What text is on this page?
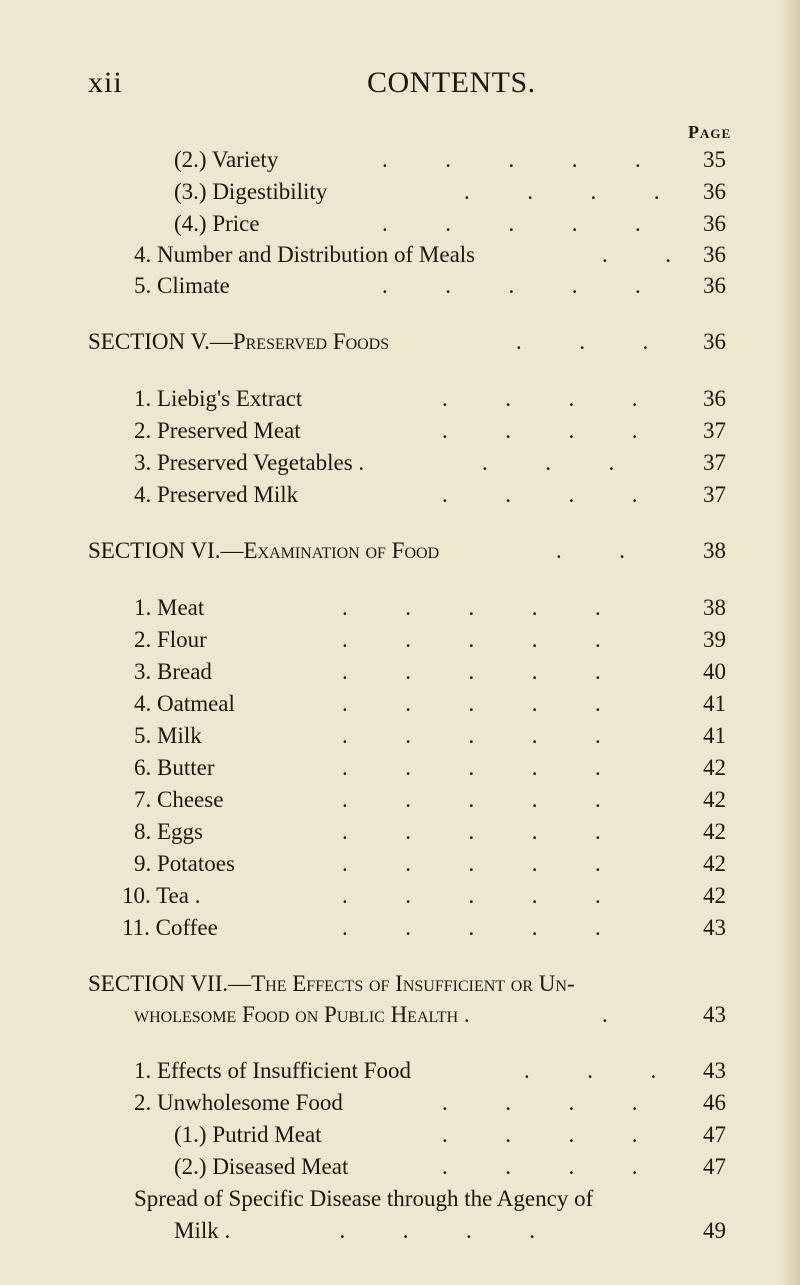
xii	CONTENTS.
Page
(2.) Variety	.          .          .          .          .	35
(3.) Digestibility	.          .          .          .	36
(4.) Price	.          .          .          .          .	36
4. Number and Distribution of Meals	.          .	36
5. Climate	.          .          .          .          .	36
SECTION V.—Preserved Foods	.          .          .	36
1. Liebig's Extract	.          .          .          .	36
2. Preserved Meat	.          .          .          .	37
3. Preserved Vegetables .	.          .          .	37
4. Preserved Milk	.          .          .          .	37
SECTION VI.—Examination of Food	.          .	38
1. Meat	.          .          .          .          .	38
2. Flour	.          .          .          .          .	39
3. Bread	.          .          .          .          .	40
4. Oatmeal	.          .          .          .          .	41
5. Milk	.          .          .          .          .	41
6. Butter	.          .          .          .          .	42
7. Cheese	.          .          .          .          .	42
8. Eggs	.          .          .          .          .	42
9. Potatoes	.          .          .          .          .	42
10. Tea .	.          .          .          .          .	42
11. Coffee	.          .          .          .          .	43
SECTION VII.—The Effects of Insufficient or Un-
wholesome Food on Public Health .	.	43
1. Effects of Insufficient Food	.          .          .	43
2. Unwholesome Food	.          .          .          .	46
(1.) Putrid Meat	.          .          .          .	47
(2.) Diseased Meat	.          .          .          .	47
Spread of Specific Disease through the Agency of
Milk . .          .          .          .	49
